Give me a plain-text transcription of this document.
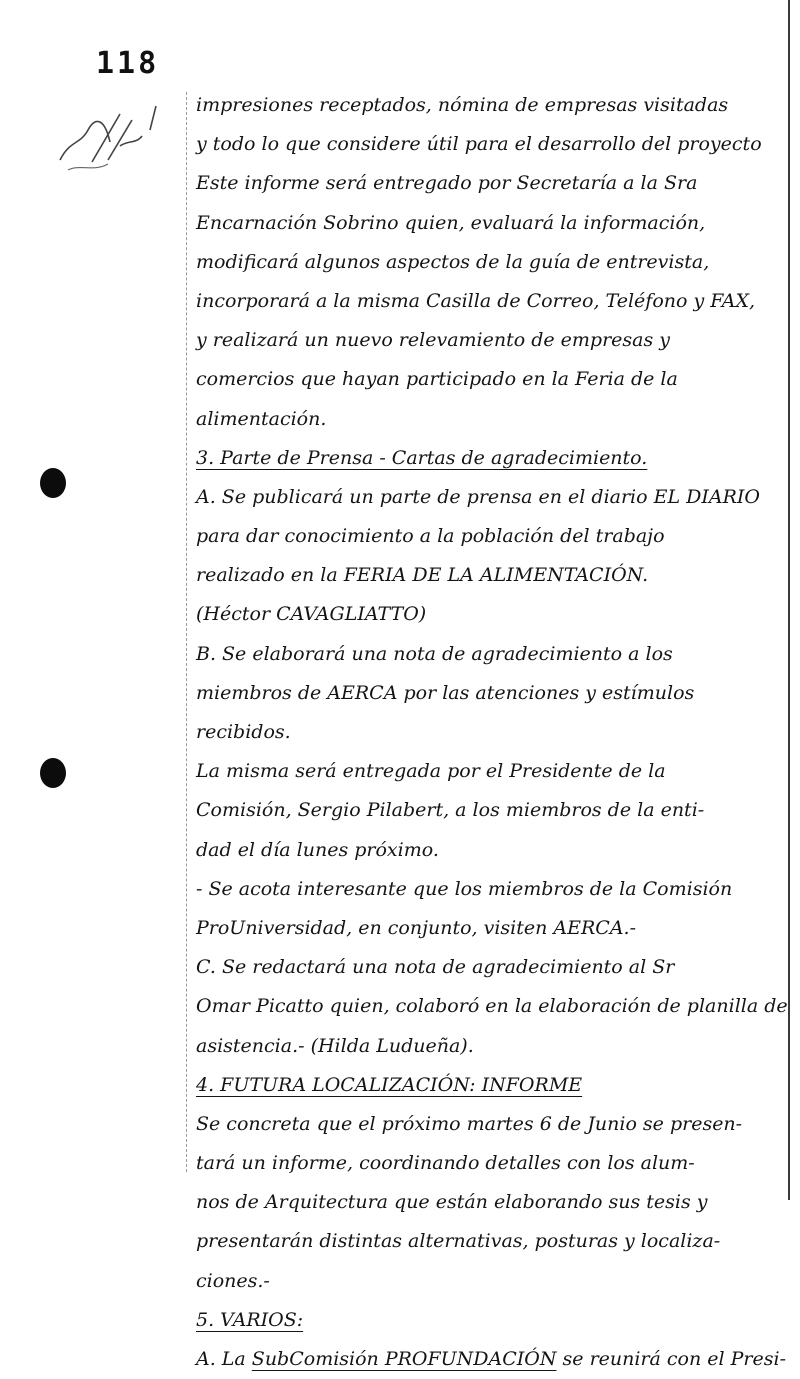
118
impresiones receptados, nómina de empresas visitadas
y todo lo que considere útil para el desarrollo del proyecto
Este informe será entregado por Secretaría a la Sra
Encarnación Sobrino quien, evaluará la información,
modificará algunos aspectos de la guía de entrevista,
incorporará a la misma Casilla de Correo, Teléfono y FAX,
y realizará un nuevo relevamiento de empresas y
comercios que hayan participado en la Feria de la
alimentación.
3. Parte de Prensa - Cartas de agradecimiento.
A. Se publicará un parte de prensa en el diario EL DIARIO
para dar conocimiento a la población del trabajo
realizado en la FERIA DE LA ALIMENTACIÓN.
(Héctor CAVAGLIATTO)
B. Se elaborará una nota de agradecimiento a los
miembros de AERCA por las atenciones y estímulos
recibidos.
La misma será entregada por el Presidente de la
Comisión, Sergio Pilabert, a los miembros de la enti-
dad el día lunes próximo.
- Se acota interesante que los miembros de la Comisión
ProUniversidad, en conjunto, visiten AERCA.-
C. Se redactará una nota de agradecimiento al Sr
Omar Picatto quien, colaboró en la elaboración de planilla de
asistencia.- (Hilda Ludueña).
4. FUTURA LOCALIZACIÓN: INFORME
Se concreta que el próximo martes 6 de Junio se presen-
tará un informe, coordinando detalles con los alum-
nos de Arquitectura que están elaborando sus tesis y
presentarán distintas alternativas, posturas y localiza-
ciones.-
5. VARIOS:
A. La SubComisión PROFUNDACIÓN se reunirá con el Presi-
